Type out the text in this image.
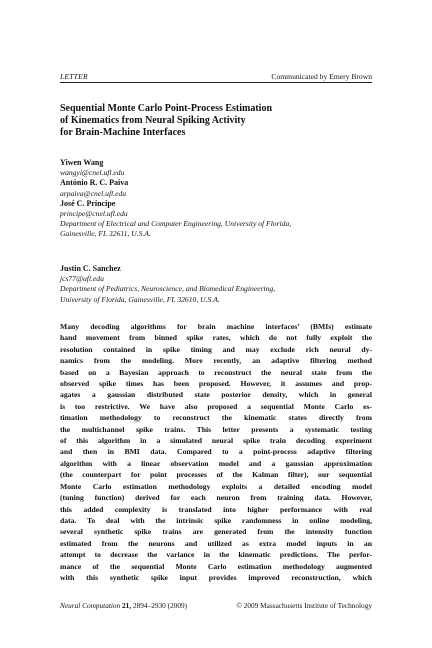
LETTER	Communicated by Emery Brown
Sequential Monte Carlo Point-Process Estimation
of Kinematics from Neural Spiking Activity
for Brain-Machine Interfaces
Yiwen Wang
wangyi@cnel.ufl.edu
António R. C. Paiva
arpaiva@cnel.ufl.edu
José C. Príncipe
principe@cnel.ufl.edu
Department of Electrical and Computer Engineering, University of Florida,
Gainesville, FL 32611, U.S.A.
Justin C. Sanchez
jcs77@ufl.edu
Department of Pediatrics, Neuroscience, and Biomedical Engineering,
University of Florida, Gainesville, FL 32610, U.S.A.
Many decoding algorithms for brain machine interfaces’ (BMIs) estimate
hand movement from binned spike rates, which do not fully exploit the
resolution contained in spike timing and may exclude rich neural dy-
namics from the modeling. More recently, an adaptive filtering method
based on a Bayesian approach to reconstruct the neural state from the
observed spike times has been proposed. However, it assumes and prop-
agates a gaussian distributed state posterior density, which in general
is too restrictive. We have also proposed a sequential Monte Carlo es-
timation methodology to reconstruct the kinematic states directly from
the multichannel spike trains. This letter presents a systematic testing
of this algorithm in a simulated neural spike train decoding experiment
and then in BMI data. Compared to a point-process adaptive filtering
algorithm with a linear observation model and a gaussian approximation
(the counterpart for point processes of the Kalman filter), our sequential
Monte Carlo estimation methodology exploits a detailed encoding model
(tuning function) derived for each neuron from training data. However,
this added complexity is translated into higher performance with real
data. To deal with the intrinsic spike randomness in online modeling,
several synthetic spike trains are generated from the intensity function
estimated from the neurons and utilized as extra model inputs in an
attempt to decrease the variance in the kinematic predictions. The perfor-
mance of the sequential Monte Carlo estimation methodology augmented
with this synthetic spike input provides improved reconstruction, which
Neural Computation 21, 2894–2930 (2009)	© 2009 Massachusetts Institute of Technology
